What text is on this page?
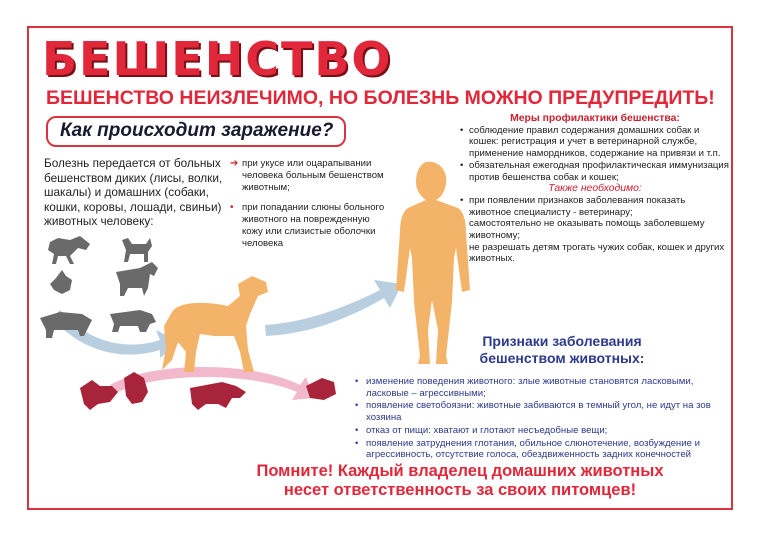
БЕШЕНСТВО
БЕШЕНСТВО НЕИЗЛЕЧИМО, НО БОЛЕЗНЬ МОЖНО ПРЕДУПРЕДИТЬ!
Как происходит заражение?
Болезнь передается от больных бешенством диких (лисы, волки, шакалы) и домашних (собаки, кошки, коровы, лошади, свиньи) животных человеку:
➔ при укусе или оцарапывании человека больным бешенством животным;
• при попадании слюны больного животного на поврежденную кожу или слизистые оболочки человека
Меры профилактики бешенства:
• соблюдение правил содержания домашних собак и кошек: регистрация и учет в ветеринарной службе, применение намордников, содержание на привязи и т.п.
• обязательная ежегодная профилактическая иммунизация против бешенства собак и кошек;
Также необходимо:
• при появлении признаков заболевания показать животное специалисту - ветеринару;
самостоятельно не оказывать помощь заболевшему животному;
не разрешать детям трогать чужих собак, кошек и других животных.
Признаки заболевания бешенством животных:
• изменение поведения животного: злые животные становятся ласковыми, ласковые – агрессивными;
• появление светобоязни: животные забиваются в темный угол, не идут на зов хозяина
• отказ от пищи: хватают и глотают несъедобные вещи;
• появление затруднения глотания, обильное слюнотечение, возбуждение и агрессивность, отсутствие голоса, обездвиженность задних конечностей
Помните! Каждый владелец домашних животных
несет ответственность за своих питомцев!
